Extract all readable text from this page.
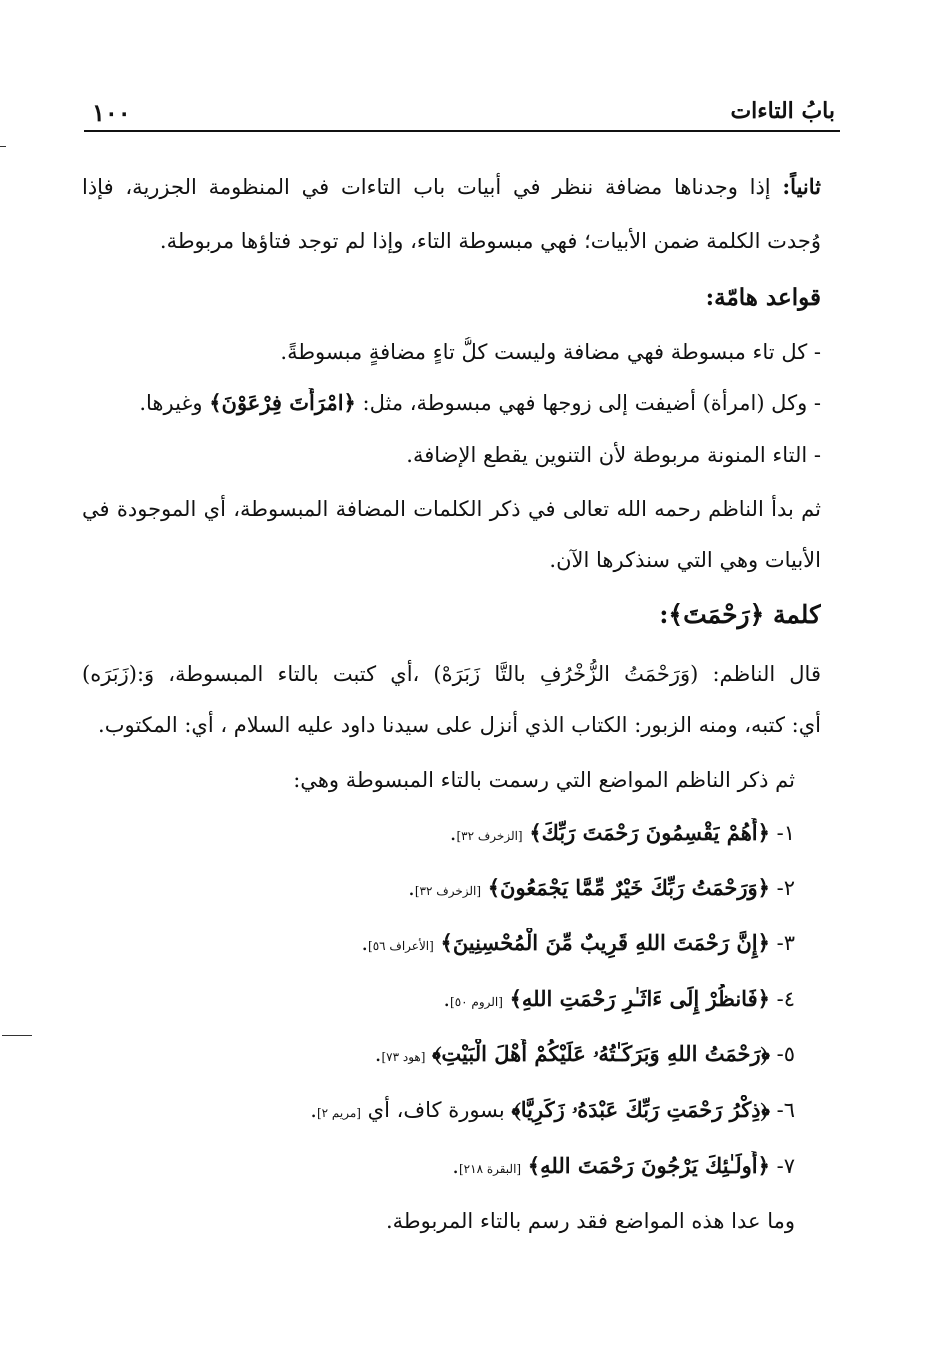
١٠٠	بابُ التاءات
ثانياً: إذا وجدناها مضافة ننظر في أبيات باب التاءات في المنظومة الجزرية، فإذا
وُجدت الكلمة ضمن الأبيات؛ فهي مبسوطة التاء، وإذا لم توجد فتاؤها مربوطة.
قواعد هامّة:
- كل تاء مبسوطة فهي مضافة وليست كلُّ تاءٍ مضافةٍ مبسوطةً.
- وكل (امرأة) أضيفت إلى زوجها فهي مبسوطة، مثل: ﴿امْرَأَتَ فِرْعَوْنَ﴾ وغيرها.
- التاء المنونة مربوطة لأن التنوين يقطع الإضافة.
ثم بدأ الناظم رحمه الله تعالى في ذكر الكلمات المضافة المبسوطة، أي الموجودة في
الأبيات وهي التي سنذكرها الآن.
كلمة ﴿رَحْمَتَ﴾:
قال الناظم: (وَرَحْمَتُ الزُّخْرُفِ بالتَّا زَبَرَهْ) ،أي كتبت بالتاء المبسوطة، وَ:(زَبَرَه)
أي: كتبه، ومنه الزبور: الكتاب الذي أنزل على سيدنا داود عليه السلام ، أي: المكتوب.
ثم ذكر الناظم المواضع التي رسمت بالتاء المبسوطة وهي:
١- ﴿أَهُمْ يَقْسِمُونَ رَحْمَتَ رَبِّكَ﴾ [الزخرف ٣٢].
٢- ﴿وَرَحْمَتُ رَبِّكَ خَيْرٌ مِّمَّا يَجْمَعُونَ﴾ [الزخرف ٣٢].
٣- ﴿إِنَّ رَحْمَتَ اللهِ قَرِيبٌ مِّنَ الْمُحْسِنِينَ﴾ [الأعراف ٥٦].
٤- ﴿فَانظُرْ إِلَى ءَاثَـٰرِ رَحْمَتِ اللهِ﴾ [الروم ٥٠].
٥- ﴿رَحْمَتُ اللهِ وَبَرَكَـٰتُهُۥ عَلَيْكُمْ أَهْلَ الْبَيْتِ﴾ [هود ٧٣].
٦- ﴿ذِكْرُ رَحْمَتِ رَبِّكَ عَبْدَهُۥ زَكَرِيَّا﴾ بسورة كاف، أي [مريم ٢].
٧- ﴿أُولَـٰئِكَ يَرْجُونَ رَحْمَتَ اللهِ﴾ [البقرة ٢١٨].
وما عدا هذه المواضع فقد رسم بالتاء المربوطة.
